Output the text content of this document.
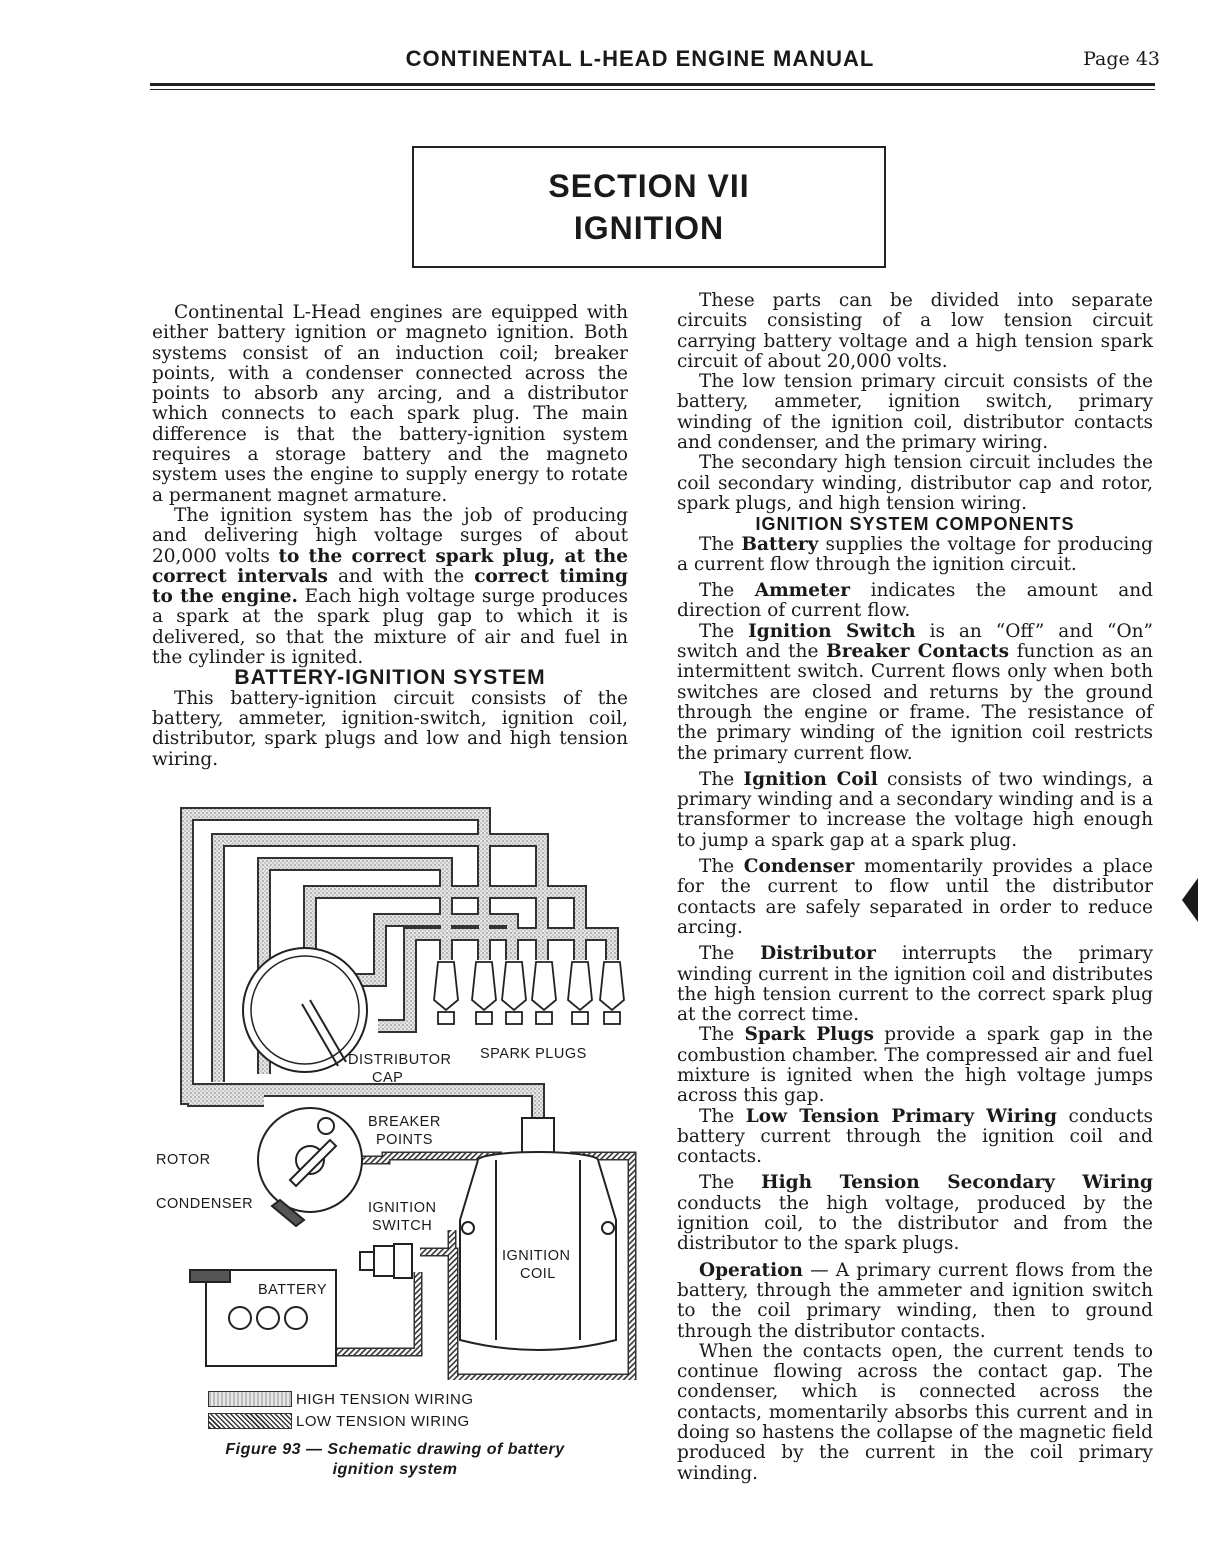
CONTINENTAL L-HEAD ENGINE MANUAL	Page 43
SECTION VII
IGNITION

Continental L-Head engines are equipped with either battery ignition or magneto ignition. Both systems consist of an induction coil; breaker points, with a condenser connected across the points to absorb any arcing, and a distributor which connects to each spark plug. The main difference is that the battery-ignition system requires a storage battery and the magneto system uses the engine to supply energy to rotate a permanent magnet armature.

The ignition system has the job of producing and delivering high voltage surges of about 20,000 volts to the correct spark plug, at the correct intervals and with the correct timing to the engine. Each high voltage surge produces a spark at the spark plug gap to which it is delivered, so that the mixture of air and fuel in the cylinder is ignited.

BATTERY-IGNITION SYSTEM

This battery-ignition circuit consists of the battery, ammeter, ignition-switch, ignition coil, distributor, spark plugs and low and high tension wiring.

DISTRIBUTOR
CAP
SPARK PLUGS
BREAKER
POINTS
ROTOR
CONDENSER	IGNITION
SWITCH
IGNITION
COIL
BATTERY
HIGH TENSION WIRING
LOW TENSION WIRING
Figure 93 — Schematic drawing of battery
ignition system

These parts can be divided into separate circuits consisting of a low tension circuit carrying battery voltage and a high tension spark circuit of about 20,000 volts.

The low tension primary circuit consists of the battery, ammeter, ignition switch, primary winding of the ignition coil, distributor contacts and condenser, and the primary wiring.

The secondary high tension circuit includes the coil secondary winding, distributor cap and rotor, spark plugs, and high tension wiring.

IGNITION SYSTEM COMPONENTS

The Battery supplies the voltage for producing a current flow through the ignition circuit.

The Ammeter indicates the amount and direction of current flow.

The Ignition Switch is an “Off” and “On” switch and the Breaker Contacts function as an intermittent switch. Current flows only when both switches are closed and returns by the ground through the engine or frame. The resistance of the primary winding of the ignition coil restricts the primary current flow.

The Ignition Coil consists of two windings, a primary winding and a secondary winding and is a transformer to increase the voltage high enough to jump a spark gap at a spark plug.

The Condenser momentarily provides a place for the current to flow until the distributor contacts are safely separated in order to reduce arcing.

The Distributor interrupts the primary winding current in the ignition coil and distributes the high tension current to the correct spark plug at the correct time.

The Spark Plugs provide a spark gap in the combustion chamber. The compressed air and fuel mixture is ignited when the high voltage jumps across this gap.

The Low Tension Primary Wiring conducts battery current through the ignition coil and contacts.

The High Tension Secondary Wiring conducts the high voltage, produced by the ignition coil, to the distributor and from the distributor to the spark plugs.

Operation — A primary current flows from the battery, through the ammeter and ignition switch to the coil primary winding, then to ground through the distributor contacts.

When the contacts open, the current tends to continue flowing across the contact gap. The condenser, which is connected across the contacts, momentarily absorbs this current and in doing so hastens the collapse of the magnetic field produced by the current in the coil primary winding.
